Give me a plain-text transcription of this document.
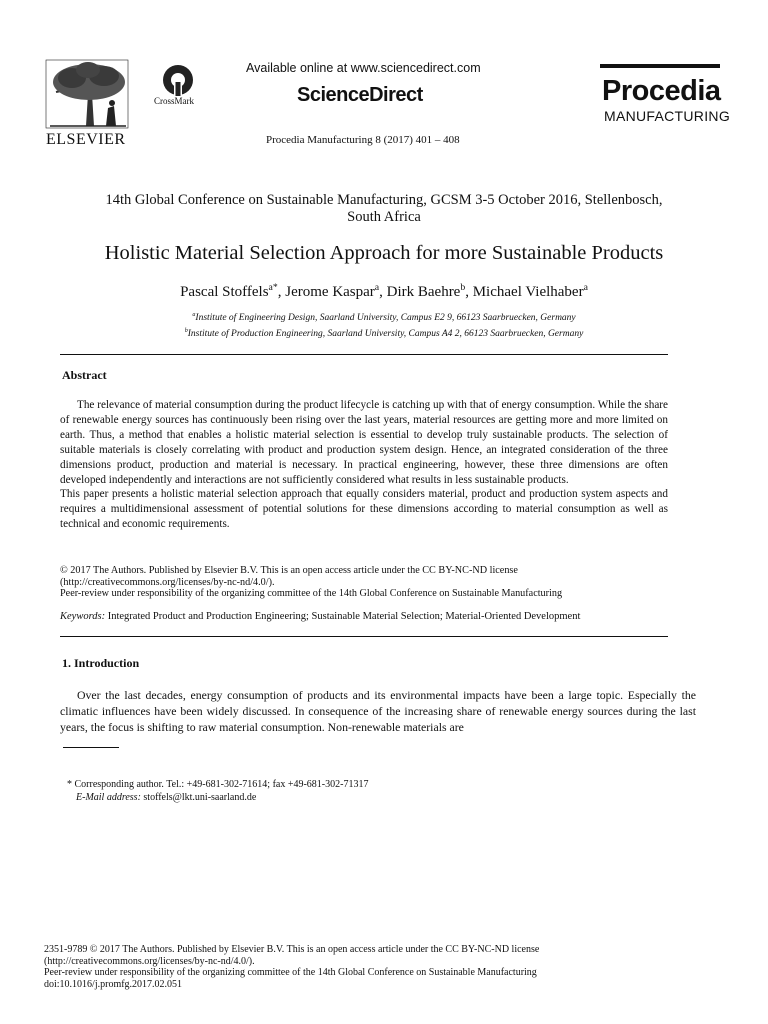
ELSEVIER
CrossMark
Available online at www.sciencedirect.com
ScienceDirect
Procedia Manufacturing 8 (2017) 401 – 408
Procedia
MANUFACTURING
14th Global Conference on Sustainable Manufacturing, GCSM 3-5 October 2016, Stellenbosch,
South Africa
Holistic Material Selection Approach for more Sustainable Products
Pascal Stoffels$^{a*}$, Jerome Kaspar$^a$, Dirk Baehre$^b$, Michael Vielhaber$^a$
$^a$Institute of Engineering Design, Saarland University, Campus E2 9, 66123 Saarbruecken, Germany
$^b$Institute of Production Engineering, Saarland University, Campus A4 2, 66123 Saarbruecken, Germany
Abstract

The relevance of material consumption during the product lifecycle is catching up with that of energy consumption. While the share of renewable energy sources has continuously been rising over the last years, material resources are getting more and more limited on earth. Thus, a method that enables a holistic material selection is essential to develop truly sustainable products. The selection of suitable materials is closely correlating with product and production system design. Hence, an integrated consideration of the three dimensions product, production and material is necessary. In practical engineering, however, these three dimensions are often developed independently and interactions are not sufficiently considered what results in less sustainable products.

This paper presents a holistic material selection approach that equally considers material, product and production system aspects and requires a multidimensional assessment of potential solutions for these dimensions according to material consumption as well as technical and economic requirements.

© 2017 The Authors. Published by Elsevier B.V. This is an open access article under the CC BY-NC-ND license
(http://creativecommons.org/licenses/by-nc-nd/4.0/).
Peer-review under responsibility of the organizing committee of the 14th Global Conference on Sustainable Manufacturing
Keywords: Integrated Product and Production Engineering; Sustainable Material Selection; Material-Oriented Development
1. Introduction

Over the last decades, energy consumption of products and its environmental impacts have been a large topic. Especially the climatic influences have been widely discussed. In consequence of the increasing share of renewable energy sources during the last years, the focus is shifting to raw material consumption. Non-renewable materials are

* Corresponding author. Tel.: +49-681-302-71614; fax +49-681-302-71317
E-Mail address: stoffels@lkt.uni-saarland.de
2351-9789 © 2017 The Authors. Published by Elsevier B.V. This is an open access article under the CC BY-NC-ND license
(http://creativecommons.org/licenses/by-nc-nd/4.0/).
Peer-review under responsibility of the organizing committee of the 14th Global Conference on Sustainable Manufacturing
doi:10.1016/j.promfg.2017.02.051
